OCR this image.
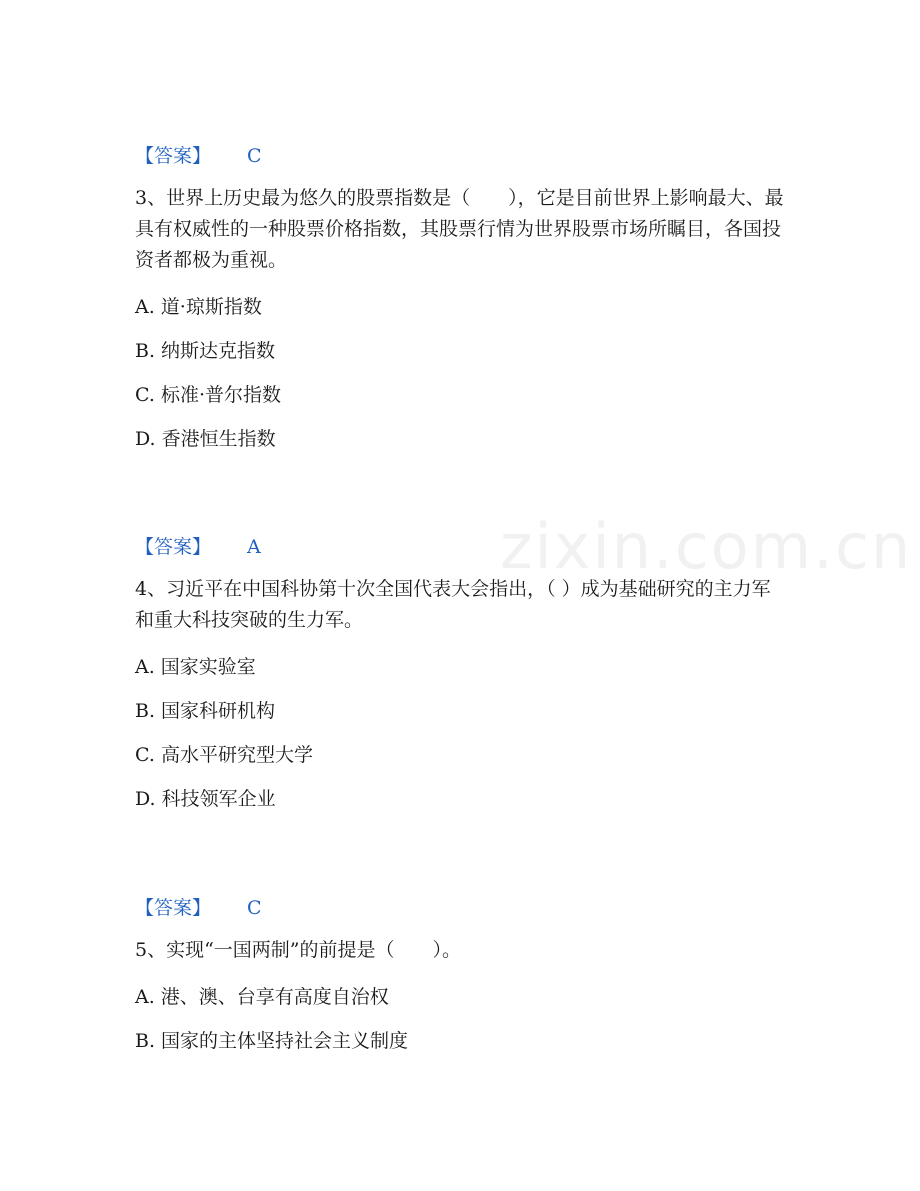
zixin.com.cn
【答案】 C
3、世界上历史最为悠久的股票指数是（　　），它是目前世界上影响最大、最具有权威性的一种股票价格指数，其股票行情为世界股票市场所瞩目，各国投资者都极为重视。
A. 道·琼斯指数
B. 纳斯达克指数
C. 标准·普尔指数
D. 香港恒生指数
【答案】 A
4、习近平在中国科协第十次全国代表大会指出，（ ）成为基础研究的主力军和重大科技突破的生力军。
A. 国家实验室
B. 国家科研机构
C. 高水平研究型大学
D. 科技领军企业
【答案】 C
5、实现“一国两制”的前提是（　　）。
A. 港、澳、台享有高度自治权
B. 国家的主体坚持社会主义制度
